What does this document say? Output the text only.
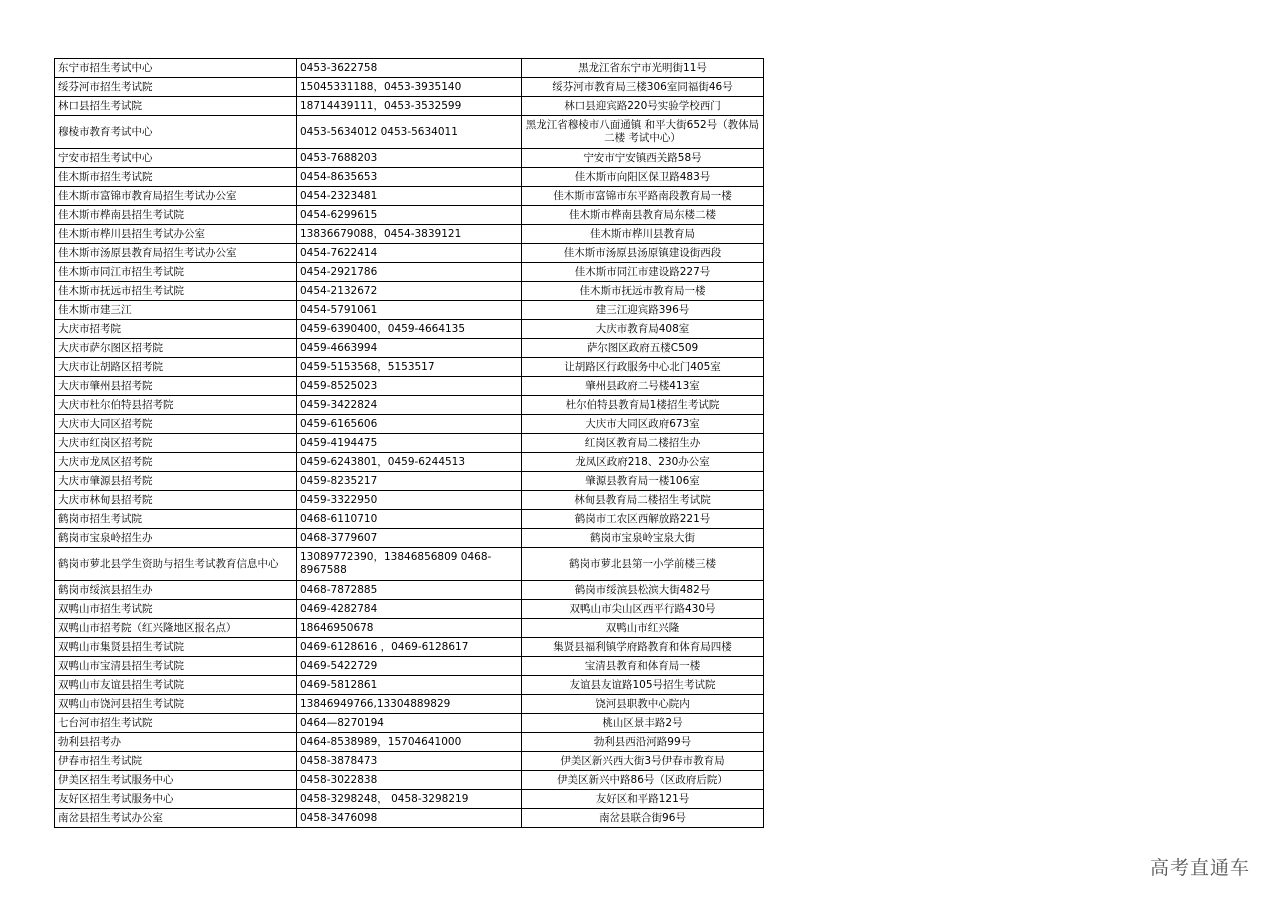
东宁市招生考试中心	0453-3622758	黑龙江省东宁市光明街11号
绥芬河市招生考试院	15045331188，0453-3935140	绥芬河市教育局三楼306室同福街46号
林口县招生考试院	18714439111，0453-3532599	林口县迎宾路220号实验学校西门
穆棱市教育考试中心	0453-5634012 0453-5634011	黑龙江省穆棱市八面通镇 和平大街652号（教体局二楼 考试中心）
宁安市招生考试中心	0453-7688203	宁安市宁安镇西关路58号
佳木斯市招生考试院	0454-8635653	佳木斯市向阳区保卫路483号
佳木斯市富锦市教育局招生考试办公室	0454-2323481	佳木斯市富锦市东平路南段教育局一楼
佳木斯市桦南县招生考试院	0454-6299615	佳木斯市桦南县教育局东楼二楼
佳木斯市桦川县招生考试办公室	13836679088，0454-3839121	佳木斯市桦川县教育局
佳木斯市汤原县教育局招生考试办公室	0454-7622414	佳木斯市汤原县汤原镇建设街西段
佳木斯市同江市招生考试院	0454-2921786	佳木斯市同江市建设路227号
佳木斯市抚远市招生考试院	0454-2132672	佳木斯市抚远市教育局一楼
佳木斯市建三江	0454-5791061	建三江迎宾路396号
大庆市招考院	0459-6390400，0459-4664135	大庆市教育局408室
大庆市萨尔图区招考院	0459-4663994	萨尔图区政府五楼C509
大庆市让胡路区招考院	0459-5153568，5153517	让胡路区行政服务中心北门405室
大庆市肇州县招考院	0459-8525023	肇州县政府二号楼413室
大庆市杜尔伯特县招考院	0459-3422824	杜尔伯特县教育局1楼招生考试院
大庆市大同区招考院	0459-6165606	大庆市大同区政府673室
大庆市红岗区招考院	0459-4194475	红岗区教育局二楼招生办
大庆市龙凤区招考院	0459-6243801，0459-6244513	龙凤区政府218、230办公室
大庆市肇源县招考院	0459-8235217	肇源县教育局一楼106室
大庆市林甸县招考院	0459-3322950	林甸县教育局二楼招生考试院
鹤岗市招生考试院	0468-6110710	鹤岗市工农区西解放路221号
鹤岗市宝泉岭招生办	0468-3779607	鹤岗市宝泉岭宝泉大街
鹤岗市萝北县学生资助与招生考试教育信息中心	13089772390，13846856809 0468-8967588	鹤岗市萝北县第一小学前楼三楼
鹤岗市绥滨县招生办	0468-7872885	鹤岗市绥滨县松滨大街482号
双鸭山市招生考试院	0469-4282784	双鸭山市尖山区西平行路430号
双鸭山市招考院（红兴隆地区报名点）	18646950678	双鸭山市红兴隆
双鸭山市集贤县招生考试院	0469-6128616 ，0469-6128617	集贤县福利镇学府路教育和体育局四楼
双鸭山市宝清县招生考试院	0469-5422729	宝清县教育和体育局一楼
双鸭山市友谊县招生考试院	0469-5812861	友谊县友谊路105号招生考试院
双鸭山市饶河县招生考试院	13846949766,13304889829	饶河县职教中心院内
七台河市招生考试院	0464—8270194	桃山区景丰路2号
勃利县招考办	0464-8538989，15704641000	勃利县西沿河路99号
伊春市招生考试院	0458-3878473	伊美区新兴西大街3号伊春市教育局
伊美区招生考试服务中心	0458-3022838	伊美区新兴中路86号（区政府后院）
友好区招生考试服务中心	0458-3298248， 0458-3298219	友好区和平路121号
南岔县招生考试办公室	0458-3476098	南岔县联合街96号
高考直通车
